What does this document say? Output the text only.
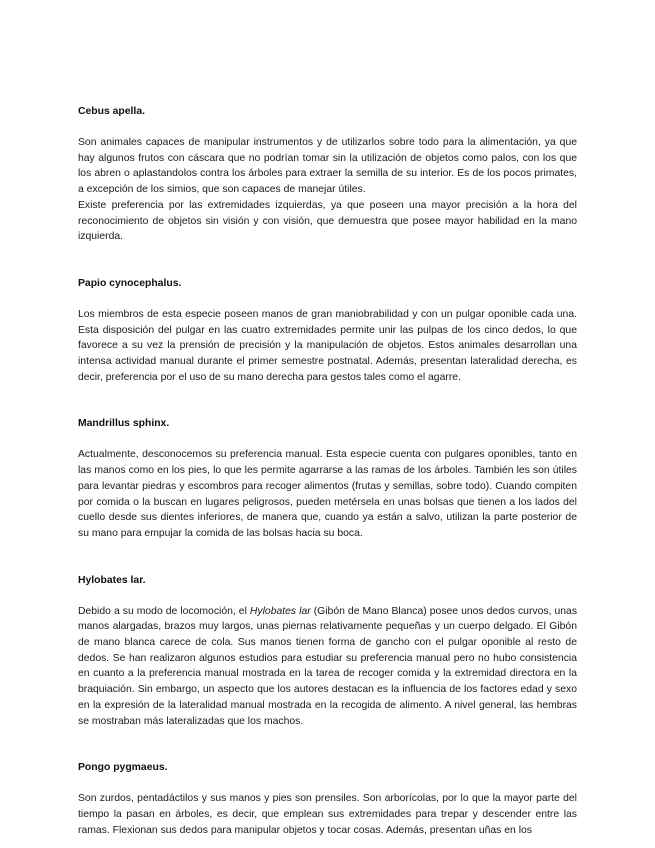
Cebus apella.

Son animales capaces de manipular instrumentos y de utilizarlos sobre todo para la alimentación, ya que hay algunos frutos con cáscara que no podrían tomar sin la utilización de objetos como palos, con los que los abren o aplastandolos contra los árboles para extraer la semilla de su interior. Es de los pocos primates, a excepción de los simios, que son capaces de manejar útiles.

Existe preferencia por las extremidades izquierdas, ya que poseen una mayor precisión a la hora del reconocimiento de objetos sin visión y con visión, que demuestra que posee mayor habilidad en la mano izquierda.

Papio cynocephalus.

Los miembros de esta especie poseen manos de gran maniobrabilidad y con un pulgar oponible cada una. Esta disposición del pulgar en las cuatro extremidades permite unir las pulpas de los cinco dedos, lo que favorece a su vez la prensión de precisión y la manipulación de objetos. Estos animales desarrollan una intensa actividad manual durante el primer semestre postnatal. Además, presentan lateralidad derecha, es decir, preferencia por el uso de su mano derecha para gestos tales como el agarre.

Mandrillus sphinx.

Actualmente, desconocemos su preferencia manual. Esta especie cuenta con pulgares oponibles, tanto en las manos como en los pies, lo que les permite agarrarse a las ramas de los árboles. También les son útiles para levantar piedras y escombros para recoger alimentos (frutas y semillas, sobre todo). Cuando compiten por comida o la buscan en lugares peligrosos, pueden metérsela en unas bolsas que tienen a los lados del cuello desde sus dientes inferiores, de manera que, cuando ya están a salvo, utilizan la parte posterior de su mano para empujar la comida de las bolsas hacia su boca.

Hylobates lar.

Debido a su modo de locomoción, el Hylobates lar (Gibón de Mano Blanca) posee unos dedos curvos, unas manos alargadas, brazos muy largos, unas piernas relativamente pequeñas y un cuerpo delgado. El Gibón de mano blanca carece de cola. Sus manos tienen forma de gancho con el pulgar oponible al resto de dedos. Se han realizaron algunos estudios para estudiar su preferencia manual pero no hubo consistencia en cuanto a la preferencia manual mostrada en la tarea de recoger comida y la extremidad directora en la braquiación. Sin embargo, un aspecto que los autores destacan es la influencia de los factores edad y sexo en la expresión de la lateralidad manual mostrada en la recogida de alimento. A nivel general, las hembras se mostraban más lateralizadas que los machos.

Pongo pygmaeus.

Son zurdos, pentadáctilos y sus manos y pies son prensiles. Son arborícolas, por lo que la mayor parte del tiempo la pasan en árboles, es decir, que emplean sus extremidades para trepar y descender entre las ramas. Flexionan sus dedos para manipular objetos y tocar cosas. Además, presentan uñas en los
